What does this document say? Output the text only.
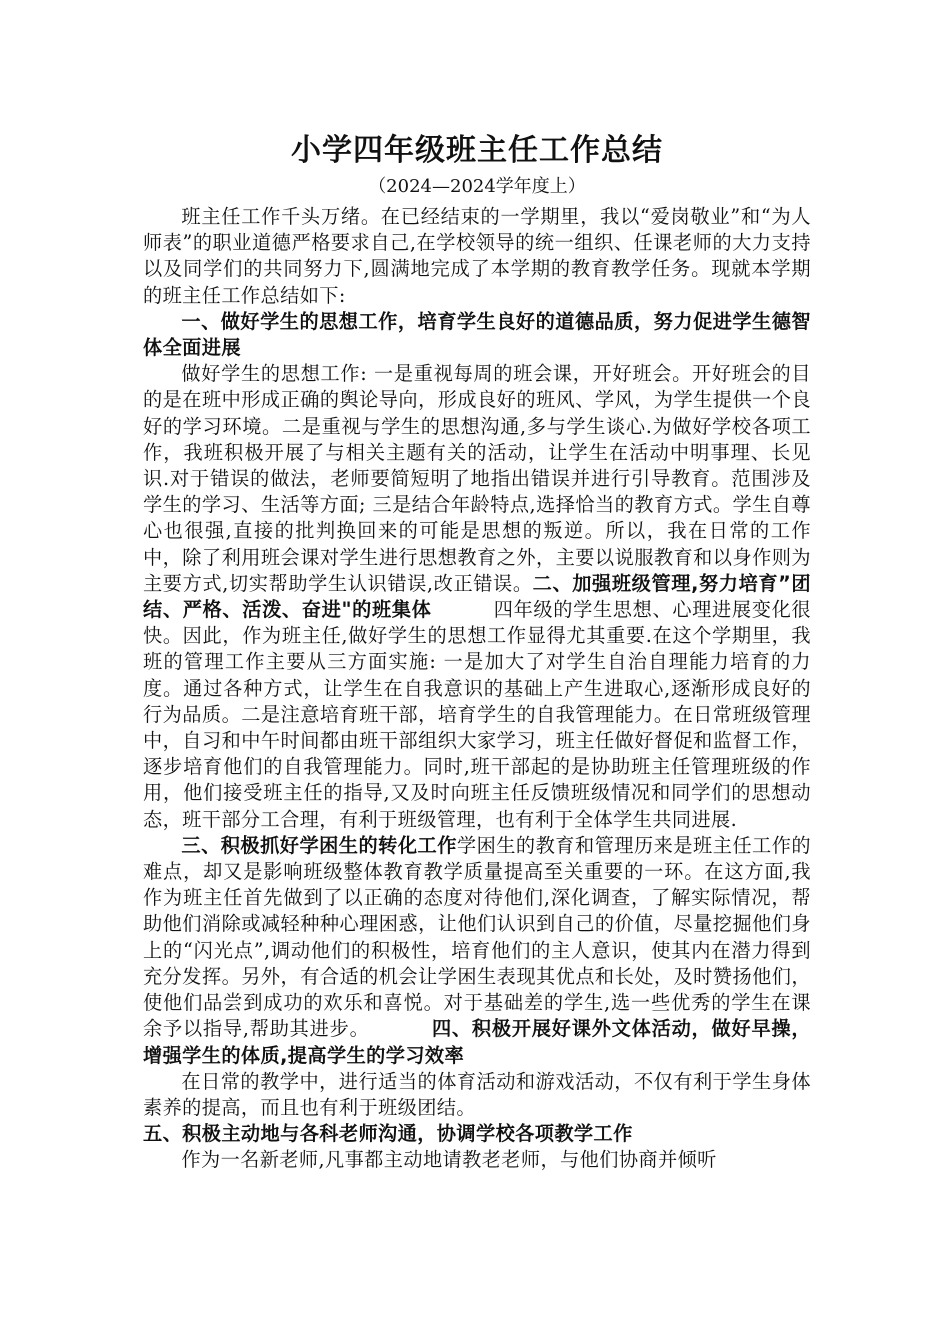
小学四年级班主任工作总结

（2024—2024学年度上）

班主任工作千头万绪。在已经结束的一学期里，我以“爱岗敬业”和“为人师表”的职业道德严格要求自己,在学校领导的统一组织、任课老师的大力支持以及同学们的共同努力下,圆满地完成了本学期的教育教学任务。现就本学期的班主任工作总结如下:

一、做好学生的思想工作，培育学生良好的道德品质，努力促进学生德智体全面进展

做好学生的思想工作: 一是重视每周的班会课，开好班会。开好班会的目的是在班中形成正确的舆论导向，形成良好的班风、学风，为学生提供一个良好的学习环境。二是重视与学生的思想沟通,多与学生谈心.为做好学校各项工作，我班积极开展了与相关主题有关的活动，让学生在活动中明事理、长见识.对于错误的做法，老师要简短明了地指出错误并进行引导教育。范围涉及学生的学习、生活等方面; 三是结合年龄特点,选择恰当的教育方式。学生自尊心也很强,直接的批判换回来的可能是思想的叛逆。所以，我在日常的工作中，除了利用班会课对学生进行思想教育之外，主要以说服教育和以身作则为主要方式,切实帮助学生认识错误,改正错误。二、加强班级管理,努力培育”团结、严格、活泼、奋进"的班集体	四年级的学生思想、心理进展变化很快。因此，作为班主任,做好学生的思想工作显得尤其重要.在这个学期里，我班的管理工作主要从三方面实施: 一是加大了对学生自治自理能力培育的力度。通过各种方式，让学生在自我意识的基础上产生进取心,逐渐形成良好的行为品质。二是注意培育班干部，培育学生的自我管理能力。在日常班级管理中，自习和中午时间都由班干部组织大家学习，班主任做好督促和监督工作，逐步培育他们的自我管理能力。同时,班干部起的是协助班主任管理班级的作用，他们接受班主任的指导,又及时向班主任反馈班级情况和同学们的思想动态，班干部分工合理，有利于班级管理，也有利于全体学生共同进展.

三、积极抓好学困生的转化工作学困生的教育和管理历来是班主任工作的难点，却又是影响班级整体教育教学质量提高至关重要的一环。在这方面,我作为班主任首先做到了以正确的态度对待他们,深化调查，了解实际情况，帮助他们消除或减轻种种心理困惑，让他们认识到自己的价值，尽量挖掘他们身上的“闪光点”,调动他们的积极性，培育他们的主人意识，使其内在潜力得到充分发挥。另外，有合适的机会让学困生表现其优点和长处，及时赞扬他们，使他们品尝到成功的欢乐和喜悦。对于基础差的学生,选一些优秀的学生在课余予以指导,帮助其进步。	四、积极开展好课外文体活动，做好早操，增强学生的体质,提高学生的学习效率

在日常的教学中，进行适当的体育活动和游戏活动，不仅有利于学生身体素养的提高，而且也有利于班级团结。

五、积极主动地与各科老师沟通，协调学校各项教学工作

作为一名新老师,凡事都主动地请教老老师，与他们协商并倾听
